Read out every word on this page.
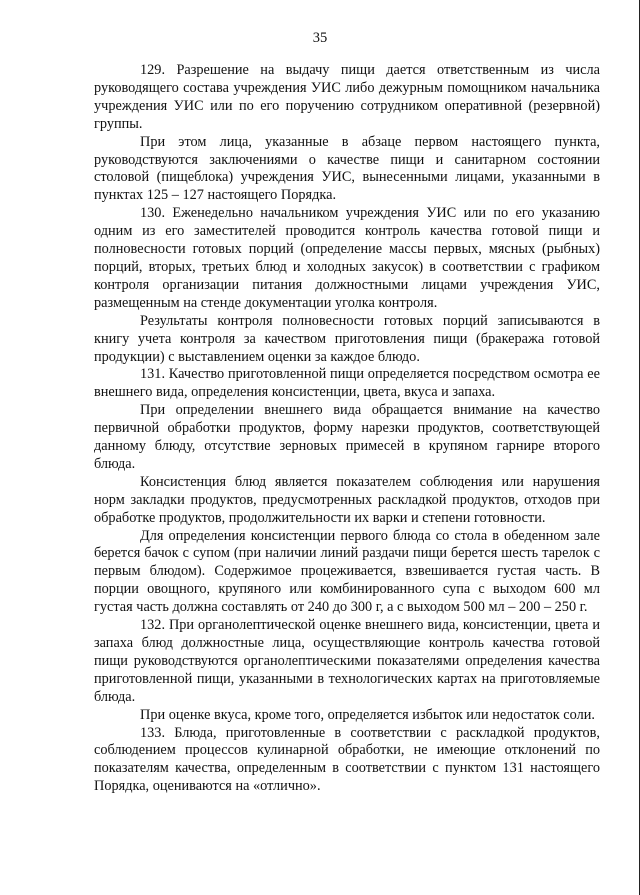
35

129. Разрешение на выдачу пищи дается ответственным из числа руководящего состава учреждения УИС либо дежурным помощником начальника учреждения УИС или по его поручению сотрудником оперативной (резервной) группы.

При этом лица, указанные в абзаце первом настоящего пункта, руководствуются заключениями о качестве пищи и санитарном состоянии столовой (пищеблока) учреждения УИС, вынесенными лицами, указанными в пунктах 125 – 127 настоящего Порядка.

130. Еженедельно начальником учреждения УИС или по его указанию одним из его заместителей проводится контроль качества готовой пищи и полновесности готовых порций (определение массы первых, мясных (рыбных) порций, вторых, третьих блюд и холодных закусок) в соответствии с графиком контроля организации питания должностными лицами учреждения УИС, размещенным на стенде документации уголка контроля.

Результаты контроля полновесности готовых порций записываются в книгу учета контроля за качеством приготовления пищи (бракеража готовой продукции) с выставлением оценки за каждое блюдо.

131. Качество приготовленной пищи определяется посредством осмотра ее внешнего вида, определения консистенции, цвета, вкуса и запаха.

При определении внешнего вида обращается внимание на качество первичной обработки продуктов, форму нарезки продуктов, соответствующей данному блюду, отсутствие зерновых примесей в крупяном гарнире второго блюда.

Консистенция блюд является показателем соблюдения или нарушения норм закладки продуктов, предусмотренных раскладкой продуктов, отходов при обработке продуктов, продолжительности их варки и степени готовности.

Для определения консистенции первого блюда со стола в обеденном зале берется бачок с супом (при наличии линий раздачи пищи берется шесть тарелок с первым блюдом). Содержимое процеживается, взвешивается густая часть. В порции овощного, крупяного или комбинированного супа с выходом 600 мл густая часть должна составлять от 240 до 300 г, а с выходом 500 мл – 200 – 250 г.

132. При органолептической оценке внешнего вида, консистенции, цвета и запаха блюд должностные лица, осуществляющие контроль качества готовой пищи руководствуются органолептическими показателями определения качества приготовленной пищи, указанными в технологических картах на приготовляемые блюда.

При оценке вкуса, кроме того, определяется избыток или недостаток соли.

133. Блюда, приготовленные в соответствии с раскладкой продуктов, соблюдением процессов кулинарной обработки, не имеющие отклонений по показателям качества, определенным в соответствии с пунктом 131 настоящего Порядка, оцениваются на «отлично».
